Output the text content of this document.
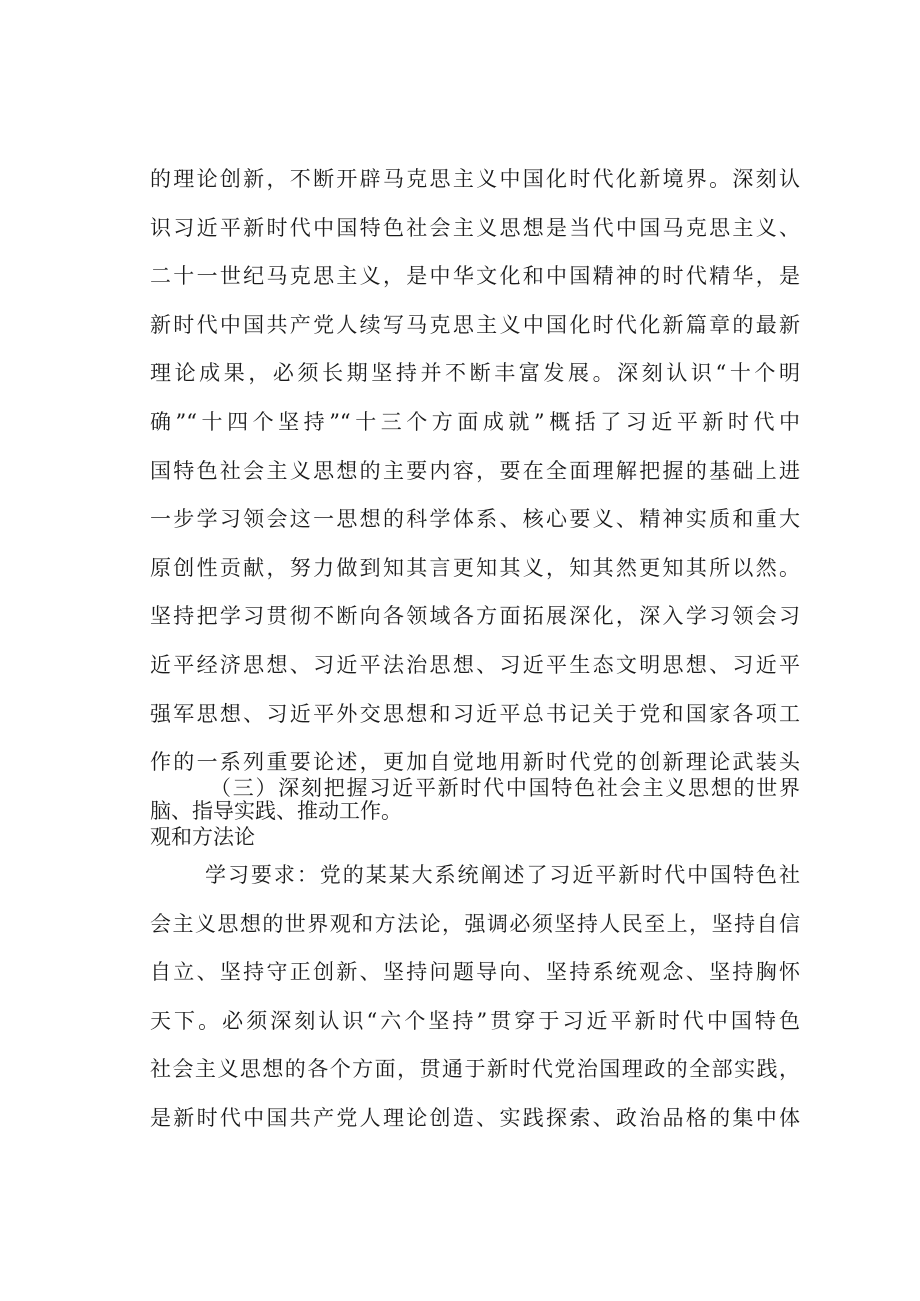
的理论创新，不断开辟马克思主义中国化时代化新境界。深刻认
识习近平新时代中国特色社会主义思想是当代中国马克思主义、
二十一世纪马克思主义，是中华文化和中国精神的时代精华，是
新时代中国共产党人续写马克思主义中国化时代化新篇章的最新
理论成果，必须长期坚持并不断丰富发展。深刻认识“十个明
确”“十四个坚持”“十三个方面成就”概括了习近平新时代中
国特色社会主义思想的主要内容，要在全面理解把握的基础上进
一步学习领会这一思想的科学体系、核心要义、精神实质和重大
原创性贡献，努力做到知其言更知其义，知其然更知其所以然。
坚持把学习贯彻不断向各领域各方面拓展深化，深入学习领会习
近平经济思想、习近平法治思想、习近平生态文明思想、习近平
强军思想、习近平外交思想和习近平总书记关于党和国家各项工
作的一系列重要论述，更加自觉地用新时代党的创新理论武装头
脑、指导实践、推动工作。
（三）深刻把握习近平新时代中国特色社会主义思想的世界
观和方法论
学习要求：党的某某大系统阐述了习近平新时代中国特色社
会主义思想的世界观和方法论，强调必须坚持人民至上，坚持自信
自立、坚持守正创新、坚持问题导向、坚持系统观念、坚持胸怀
天下。必须深刻认识“六个坚持”贯穿于习近平新时代中国特色
社会主义思想的各个方面，贯通于新时代党治国理政的全部实践，
是新时代中国共产党人理论创造、实践探索、政治品格的集中体
